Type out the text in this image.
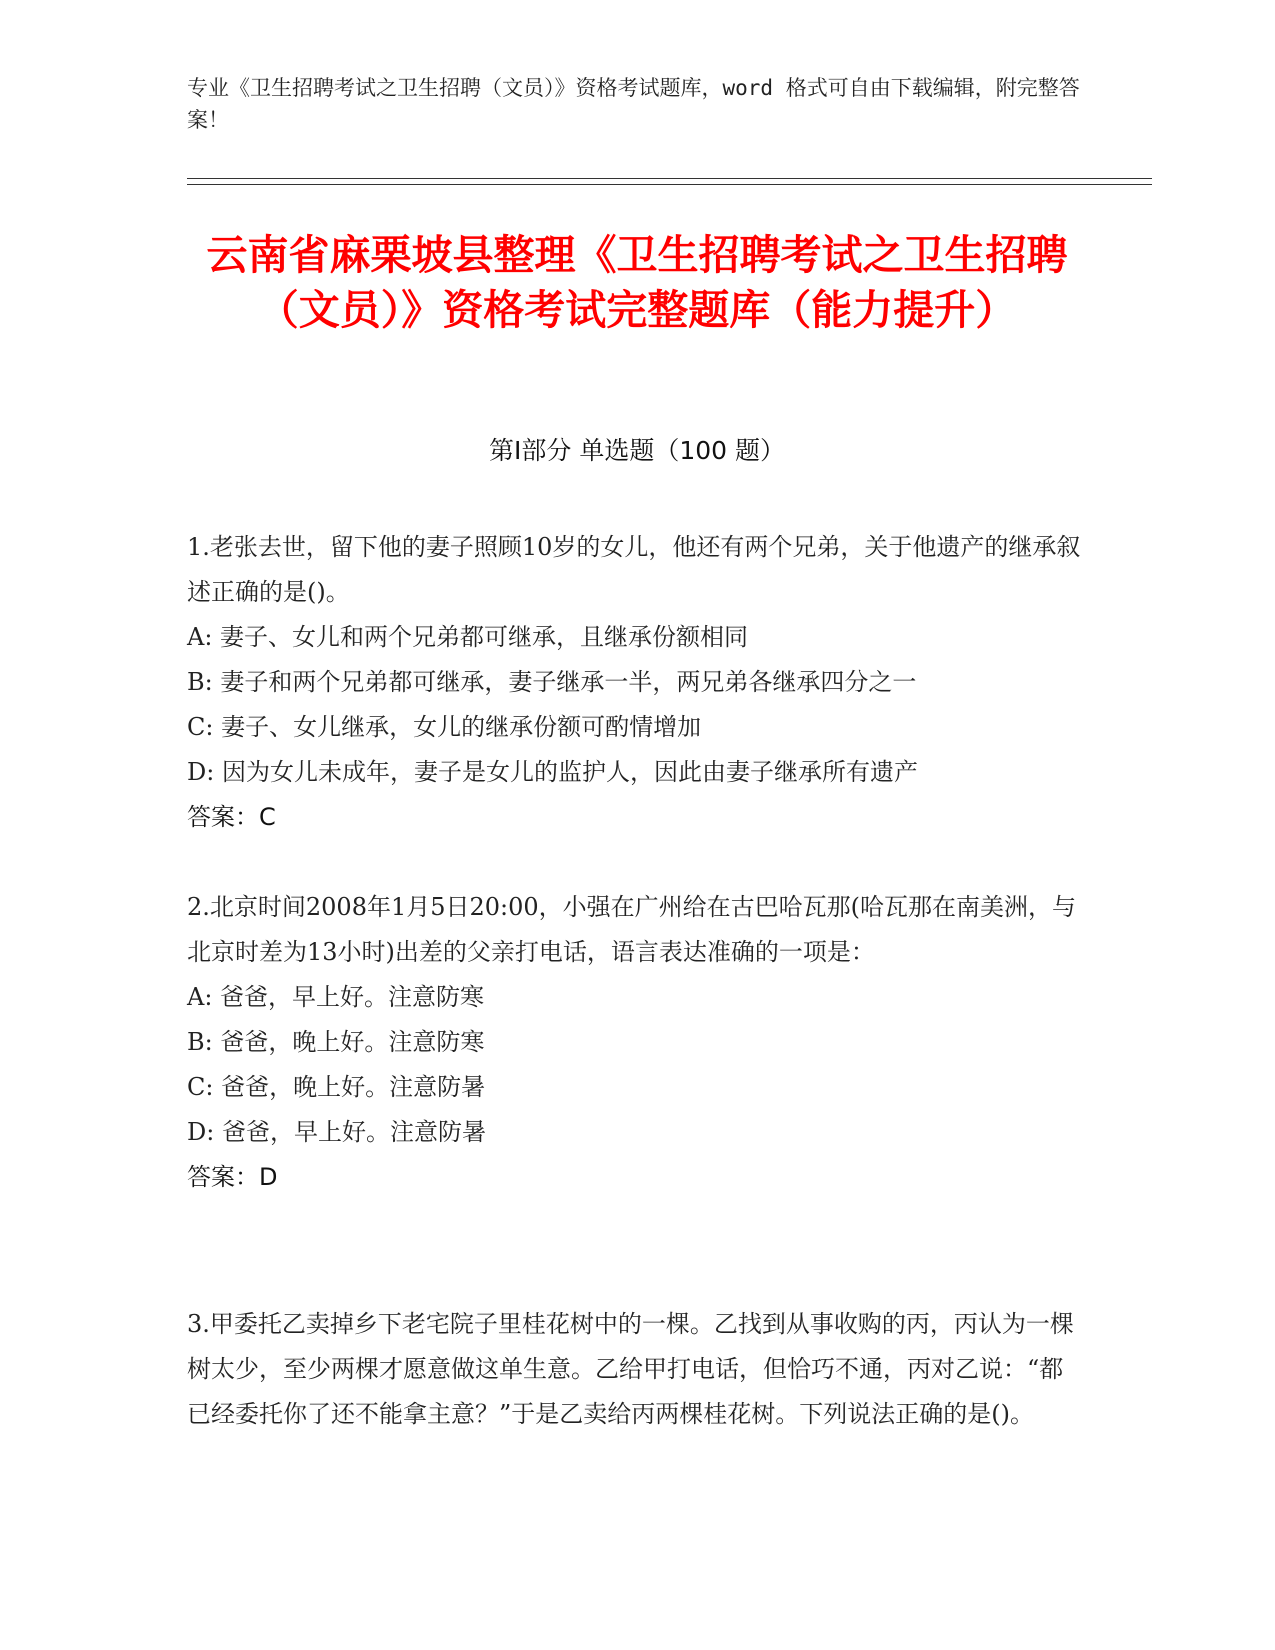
专业《卫生招聘考试之卫生招聘（文员）》资格考试题库，word 格式可自由下载编辑，附完整答案！
云南省麻栗坡县整理《卫生招聘考试之卫生招聘（文员）》资格考试完整题库（能力提升）
第Ⅰ部分 单选题（100 题）

1.老张去世，留下他的妻子照顾10岁的女儿，他还有两个兄弟，关于他遗产的继承叙述正确的是()。

A: 妻子、女儿和两个兄弟都可继承，且继承份额相同

B: 妻子和两个兄弟都可继承，妻子继承一半，两兄弟各继承四分之一

C: 妻子、女儿继承，女儿的继承份额可酌情增加

D: 因为女儿未成年，妻子是女儿的监护人，因此由妻子继承所有遗产

答案：C

2.北京时间2008年1月5日20:00，小强在广州给在古巴哈瓦那(哈瓦那在南美洲，与北京时差为13小时)出差的父亲打电话，语言表达准确的一项是：

A: 爸爸，早上好。注意防寒

B: 爸爸，晚上好。注意防寒

C: 爸爸，晚上好。注意防暑

D: 爸爸，早上好。注意防暑

答案：D

3.甲委托乙卖掉乡下老宅院子里桂花树中的一棵。乙找到从事收购的丙，丙认为一棵树太少，至少两棵才愿意做这单生意。乙给甲打电话，但恰巧不通，丙对乙说：“都已经委托你了还不能拿主意？”于是乙卖给丙两棵桂花树。下列说法正确的是()。
